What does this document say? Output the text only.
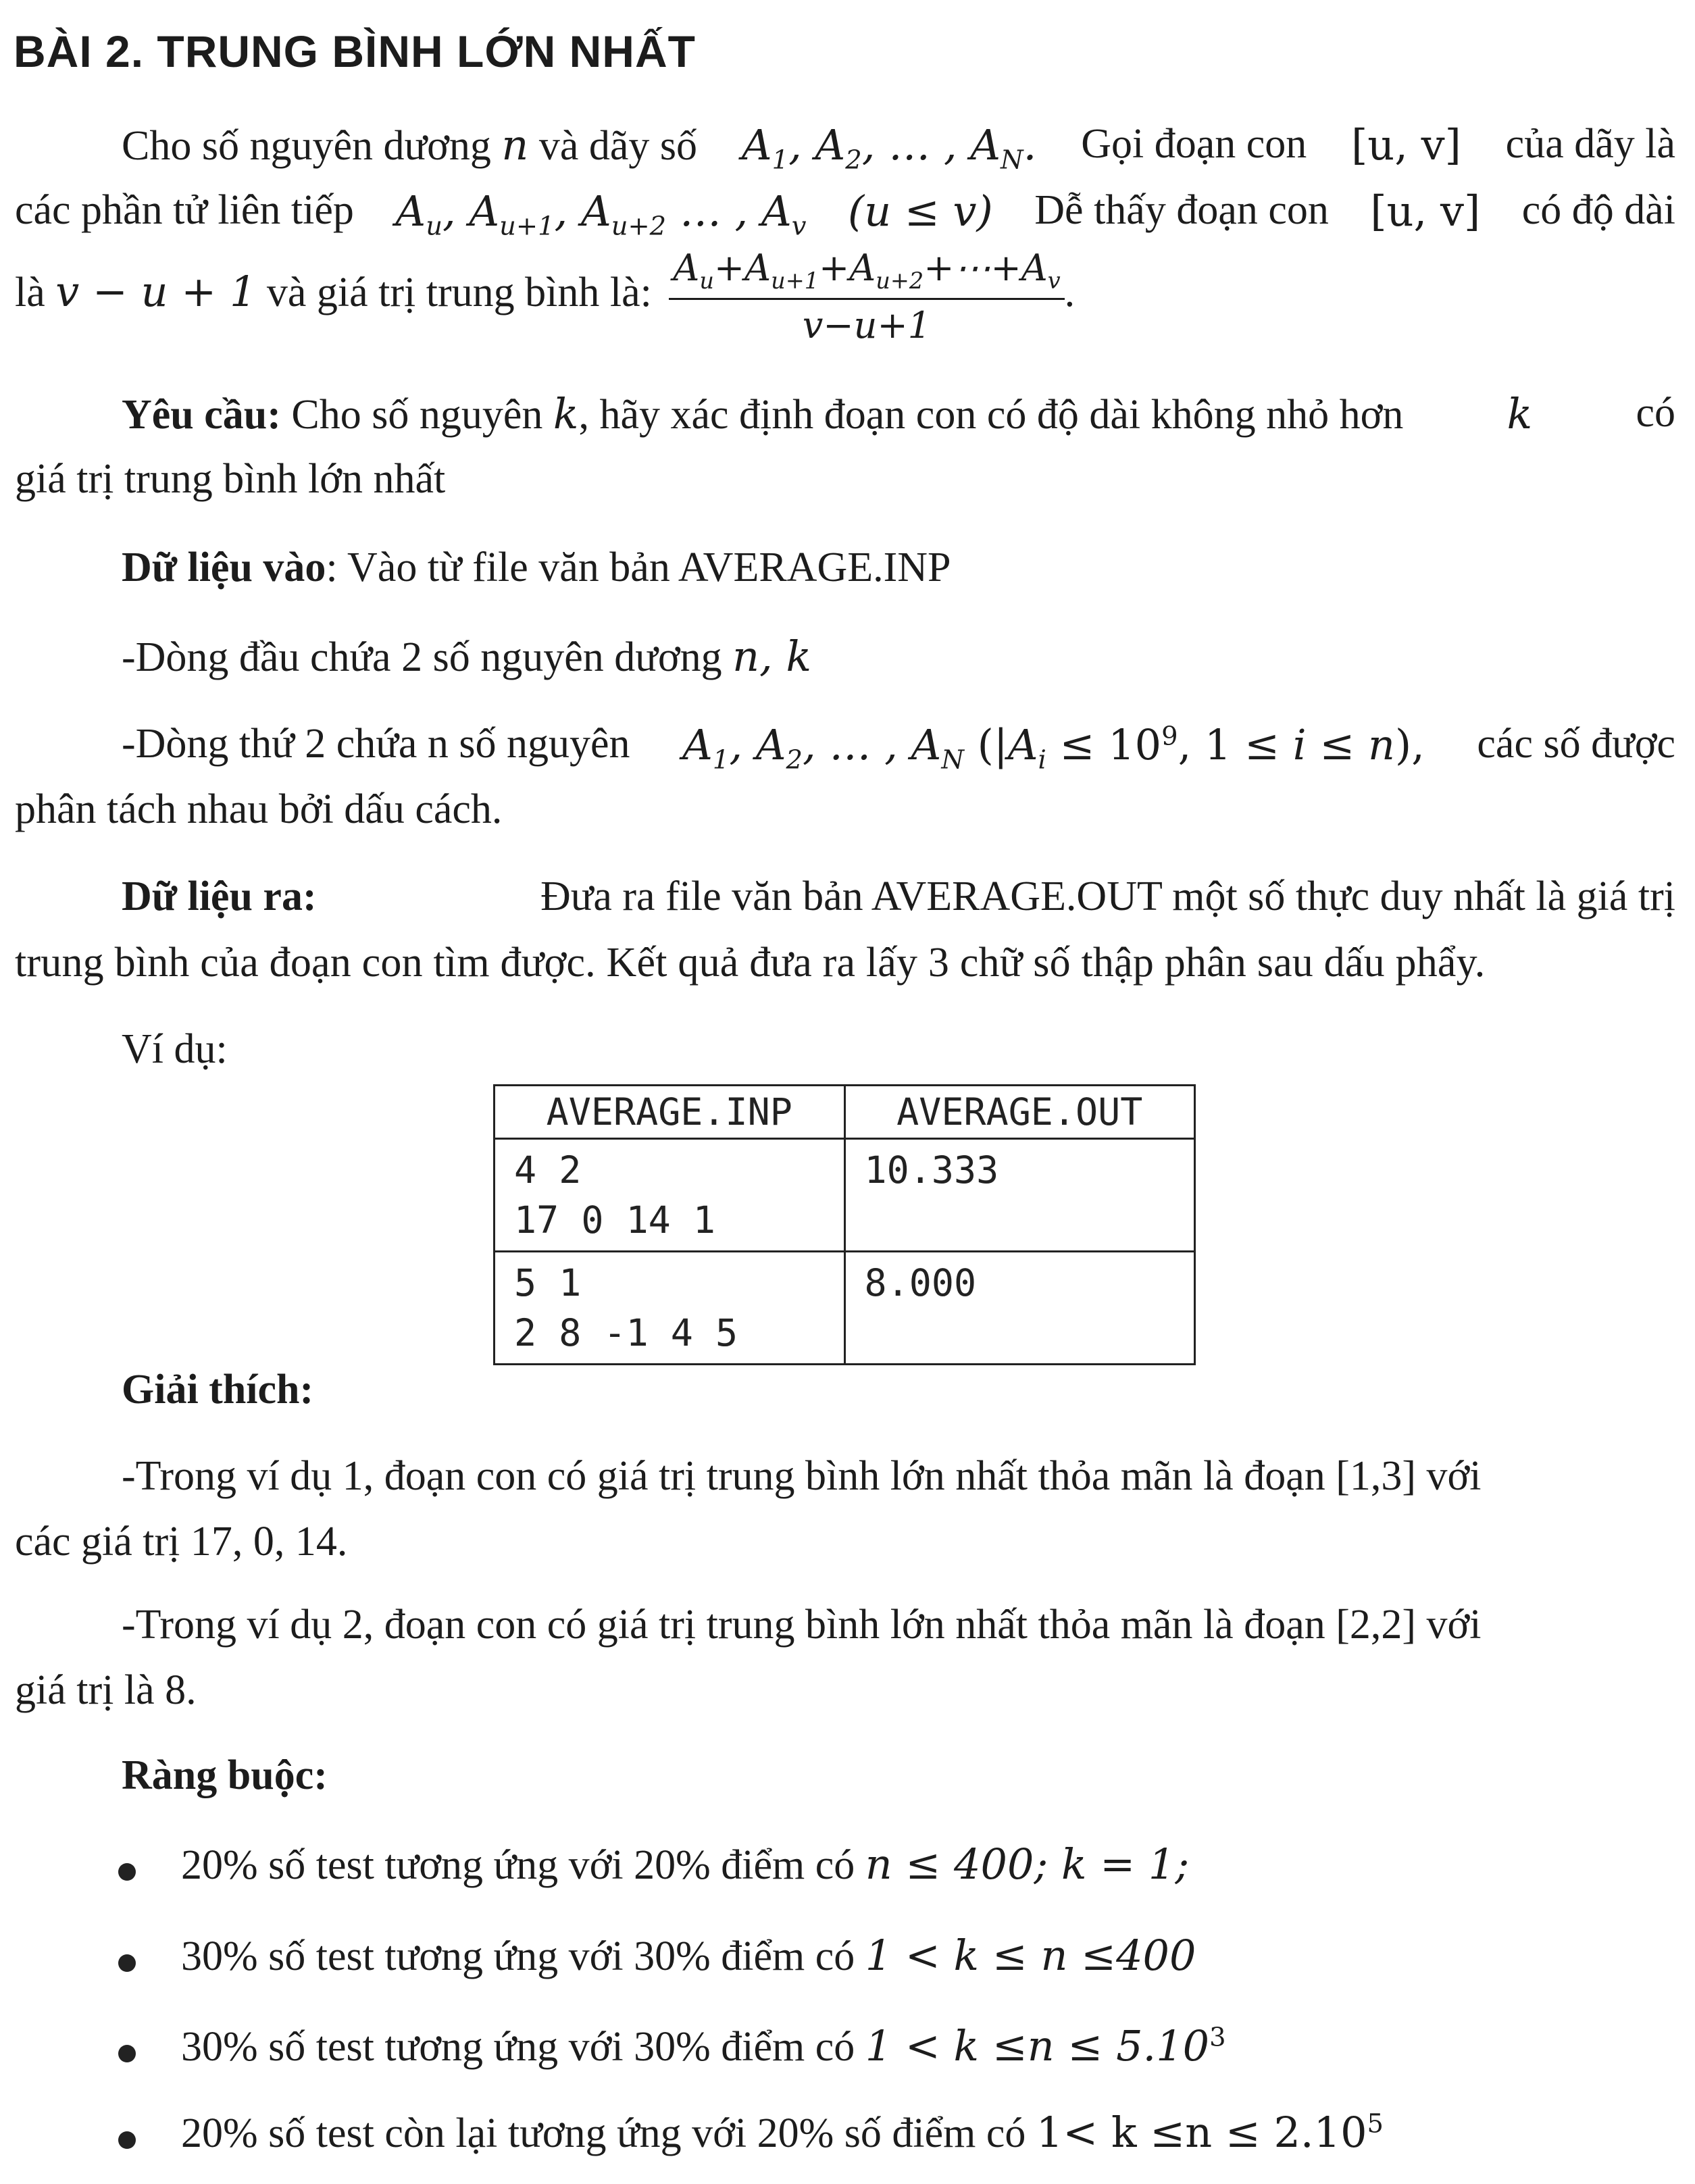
BÀI 2. TRUNG BÌNH LỚN NHẤT
Cho số nguyên dương n và dãy số $A_1$, $A_2$, … , $A_N$. Gọi đoạn con [u, v] của dãy là
các phần tử liên tiếp $A_u$, $A_{u+1}$, $A_{u+2}$ … , $A_v$ (u ≤ v) Dễ thấy đoạn con [u, v] có độ dài
là v − u + 1 và giá trị trung bình là: $\frac{A_u+A_{u+1}+A_{u+2}+\cdots+A_v}{v-u+1}$ .
Yêu cầu: Cho số nguyên k, hãy xác định đoạn con có độ dài không nhỏ hơn k có
giá trị trung bình lớn nhất
Dữ liệu vào: Vào từ file văn bản AVERAGE.INP
-Dòng đầu chứa 2 số nguyên dương n, k
-Dòng thứ 2 chứa n số nguyên $A_1$, $A_2$, … , $A_N$ ($|A_i \le 10^9$, 1 ≤ i ≤ n), các số được
phân tách nhau bởi dấu cách.
Dữ liệu ra:	Đưa ra file văn bản AVERAGE.OUT một số thực duy nhất là giá trị
trung bình của đoạn con tìm được. Kết quả đưa ra lấy 3 chữ số thập phân sau dấu phẩy.
Ví dụ:
AVERAGE.INP	AVERAGE.OUT

4 2
17 0 14 1	10.333

5 1
2 8 -1 4 5	8.000
Giải thích:
-Trong ví dụ 1, đoạn con có giá trị trung bình lớn nhất thỏa mãn là đoạn [1,3] với
các giá trị 17, 0, 14.
-Trong ví dụ 2, đoạn con có giá trị trung bình lớn nhất thỏa mãn là đoạn [2,2] với
giá trị là 8.
Ràng buộc:
20% số test tương ứng với 20% điểm có n ≤ 400; k = 1;
30% số test tương ứng với 30% điểm có 1 < k ≤ n ≤400
30% số test tương ứng với 30% điểm có $1 < k \le n \le 5.10^3$
20% số test còn lại tương ứng với 20% số điểm có $1< k \le n \le 2.10^5$
